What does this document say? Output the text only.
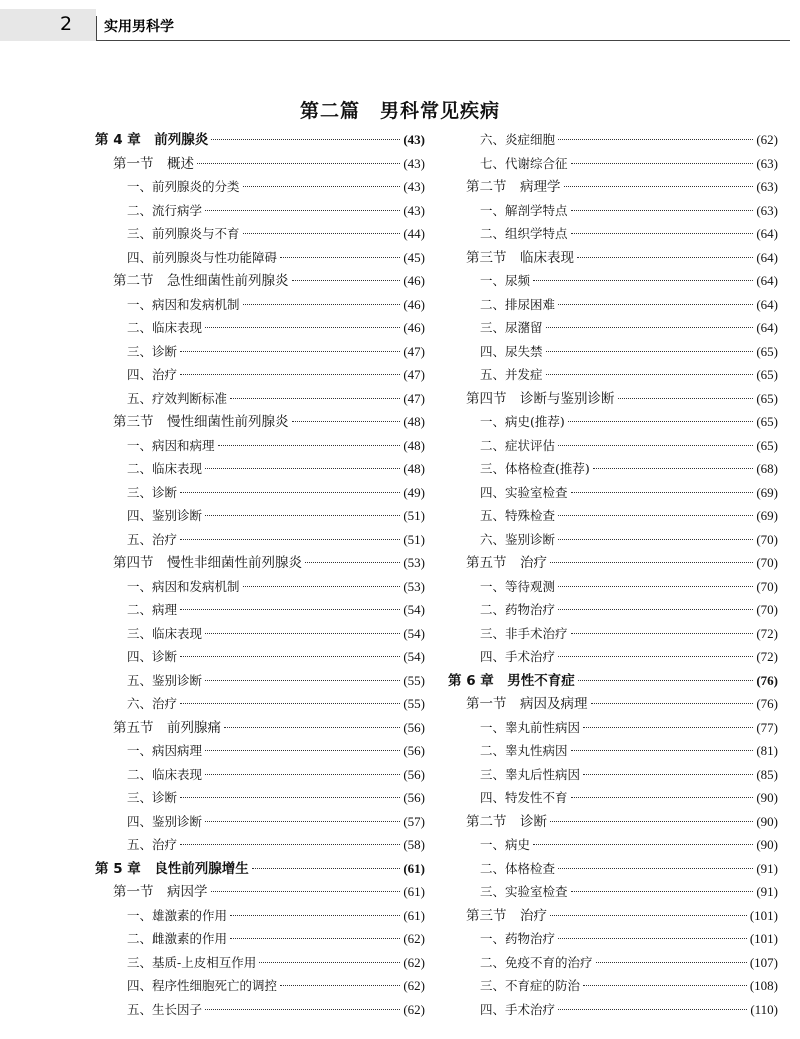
2 实用男科学
第二篇　男科常见疾病
第 4 章　前列腺炎	(43)
第一节　概述	(43)
一、前列腺炎的分类	(43)
二、流行病学	(43)
三、前列腺炎与不育	(44)
四、前列腺炎与性功能障碍	(45)
第二节　急性细菌性前列腺炎	(46)
一、病因和发病机制	(46)
二、临床表现	(46)
三、诊断	(47)
四、治疗	(47)
五、疗效判断标准	(47)
第三节　慢性细菌性前列腺炎	(48)
一、病因和病理	(48)
二、临床表现	(48)
三、诊断	(49)
四、鉴别诊断	(51)
五、治疗	(51)
第四节　慢性非细菌性前列腺炎	(53)
一、病因和发病机制	(53)
二、病理	(54)
三、临床表现	(54)
四、诊断	(54)
五、鉴别诊断	(55)
六、治疗	(55)
第五节　前列腺痛	(56)
一、病因病理	(56)
二、临床表现	(56)
三、诊断	(56)
四、鉴别诊断	(57)
五、治疗	(58)
第 5 章　良性前列腺增生	(61)
第一节　病因学	(61)
一、雄激素的作用	(61)
二、雌激素的作用	(62)
三、基质-上皮相互作用	(62)
四、程序性细胞死亡的调控	(62)
五、生长因子	(62)
六、炎症细胞	(62)
七、代谢综合征	(63)
第二节　病理学	(63)
一、解剖学特点	(63)
二、组织学特点	(64)
第三节　临床表现	(64)
一、尿频	(64)
二、排尿困难	(64)
三、尿潴留	(64)
四、尿失禁	(65)
五、并发症	(65)
第四节　诊断与鉴别诊断	(65)
一、病史(推荐)	(65)
二、症状评估	(65)
三、体格检查(推荐)	(68)
四、实验室检查	(69)
五、特殊检查	(69)
六、鉴别诊断	(70)
第五节　治疗	(70)
一、等待观测	(70)
二、药物治疗	(70)
三、非手术治疗	(72)
四、手术治疗	(72)
第 6 章　男性不育症	(76)
第一节　病因及病理	(76)
一、睾丸前性病因	(77)
二、睾丸性病因	(81)
三、睾丸后性病因	(85)
四、特发性不育	(90)
第二节　诊断	(90)
一、病史	(90)
二、体格检查	(91)
三、实验室检查	(91)
第三节　治疗	(101)
一、药物治疗	(101)
二、免疫不育的治疗	(107)
三、不育症的防治	(108)
四、手术治疗	(110)
